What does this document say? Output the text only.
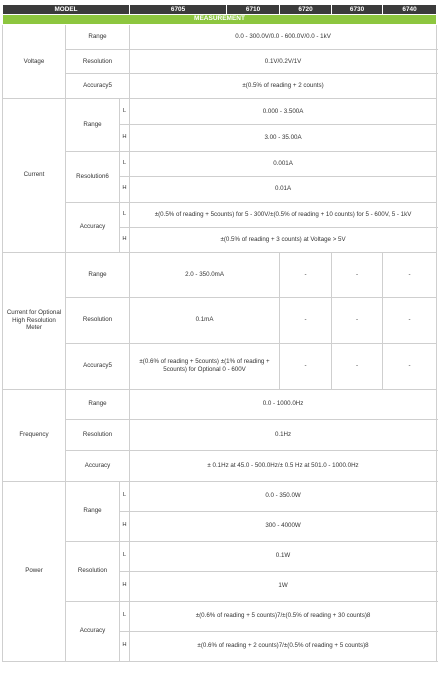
MODEL			6705	6710	6720	6730	6740	
MEASUREMENT								
Voltage	Range		0.0 - 300.0V/0.0 - 600.0V/0.0 - 1kV					
	Resolution		0.1V/0.2V/1V					
	Accuracy5		±(0.5% of reading + 2 counts)					
Current	Range	L	0.000 - 3.500A	
		H	3.00 - 35.00A	
	Resolution6	L	0.001A	
		H	0.01A	
	Accuracy	L	±(0.5% of reading + 5counts) for 5 - 300V/±(0.5% of reading + 10 counts) for 5 - 600V, 5 - 1kV					
		H	±(0.5% of reading + 3 counts) at Voltage > 5V					
Current for Optional High Resolution Meter	Range		2.0 - 350.0mA		-	-	-	
	Resolution		0.1mA		-	-	-	
	Accuracy5		±(0.6% of reading + 5counts) ±(1% of reading + 5counts) for Optional 0 - 600V		-	-	-	
Frequency	Range		0.0 - 1000.0Hz					
	Resolution		0.1Hz					
	Accuracy		± 0.1Hz at 45.0 - 500.0Hz/± 0.5 Hz at 501.0 - 1000.0Hz					
Power	Range	L	0.0 - 350.0W					
		H	300 - 4000W					
	Resolution	L	0.1W					
		H	1W					
	Accuracy	L	±(0.6% of reading + 5 counts)7/±(0.5% of reading + 30 counts)8					
		H	±(0.6% of reading + 2 counts)7/±(0.5% of reading + 5 counts)8					
